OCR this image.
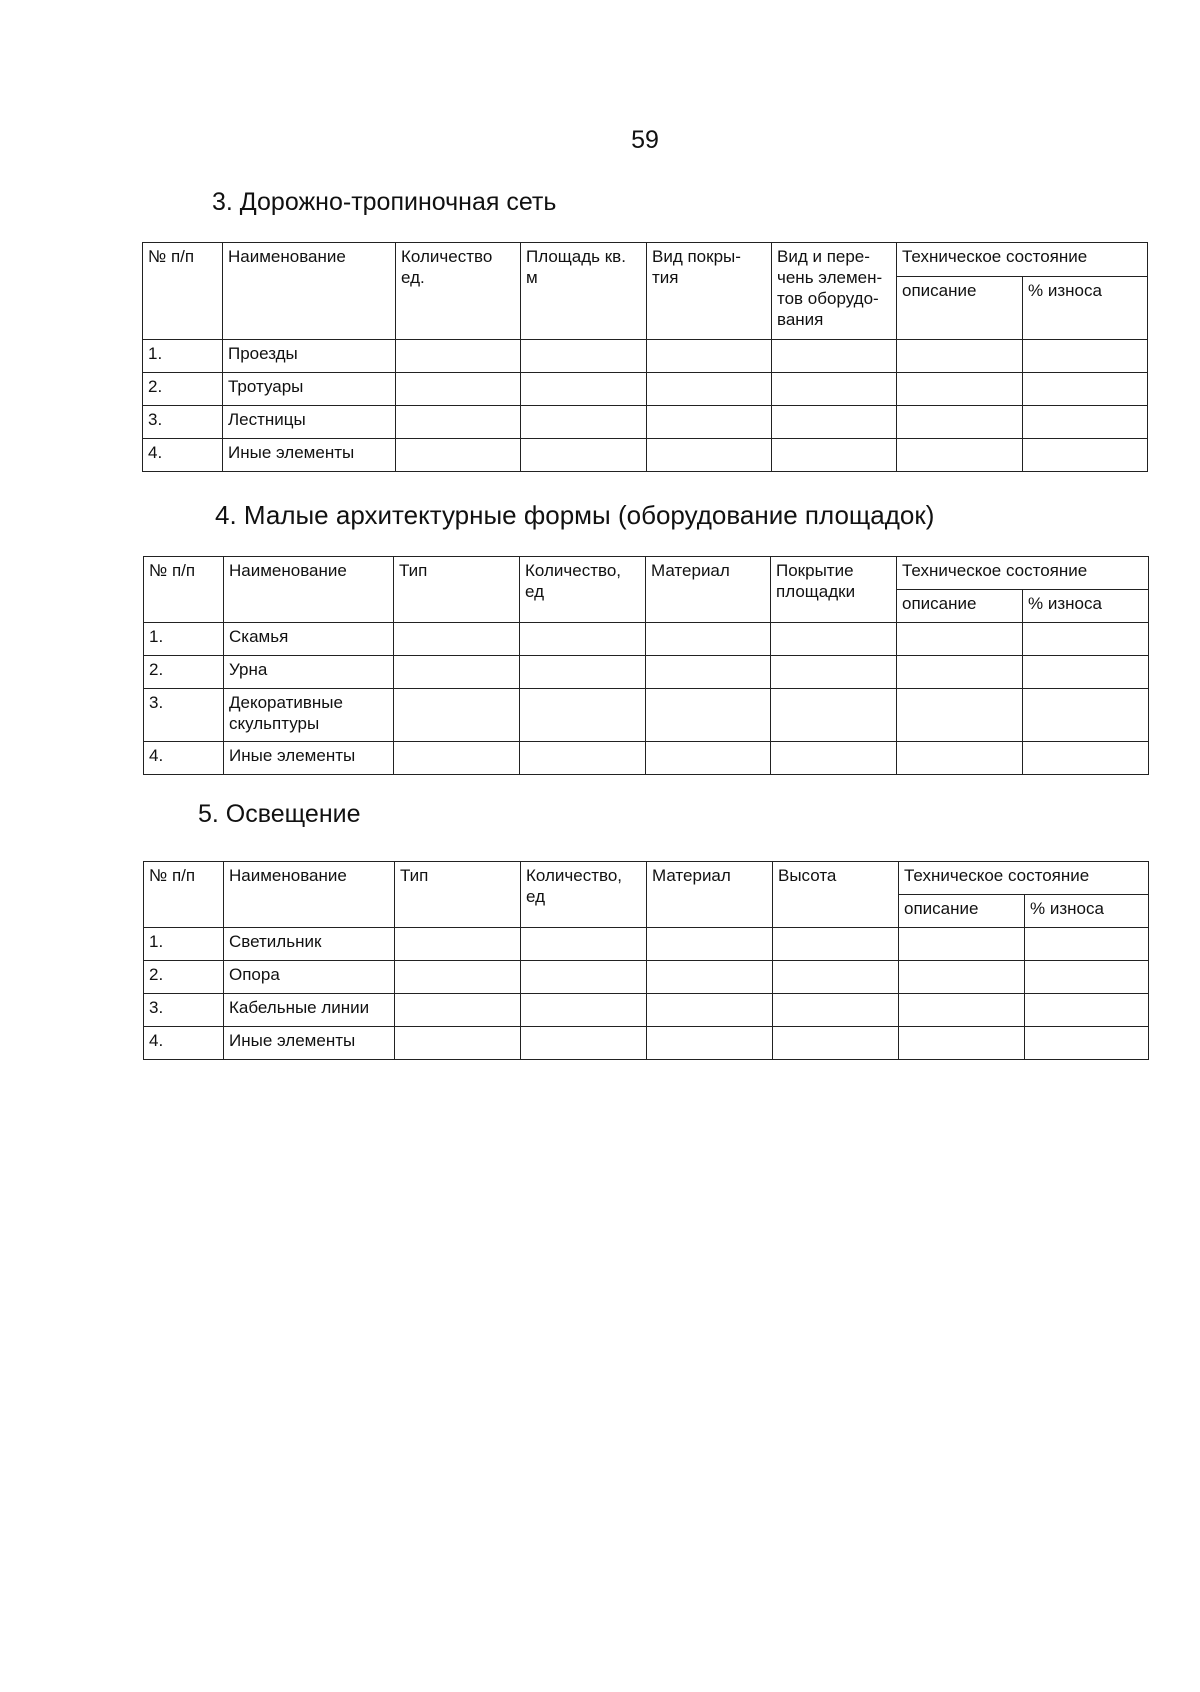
59
3. Дорожно-тропиночная сеть
№ п/п	Наименование	Количество ед.	Площадь кв. м	Вид покры-тия	Вид и пере-чень элемен-тов оборудо-вания	Техническое состояние	
						описание	% износа
1.	Проезды						
2.	Тротуары						
3.	Лестницы						
4.	Иные элементы						
4. Малые архитектурные формы (оборудование площадок)
№ п/п	Наименование	Тип	Количество, ед	Материал	Покрытие площадки	Техническое состояние	
						описание	% износа
1.	Скамья						
2.	Урна						
3.	Декоративные скульптуры						
4.	Иные элементы						
5. Освещение
№ п/п	Наименование	Тип	Количество, ед	Материал	Высота	Техническое состояние	
						описание	% износа
1.	Светильник						
2.	Опора						
3.	Кабельные линии						
4.	Иные элементы						
